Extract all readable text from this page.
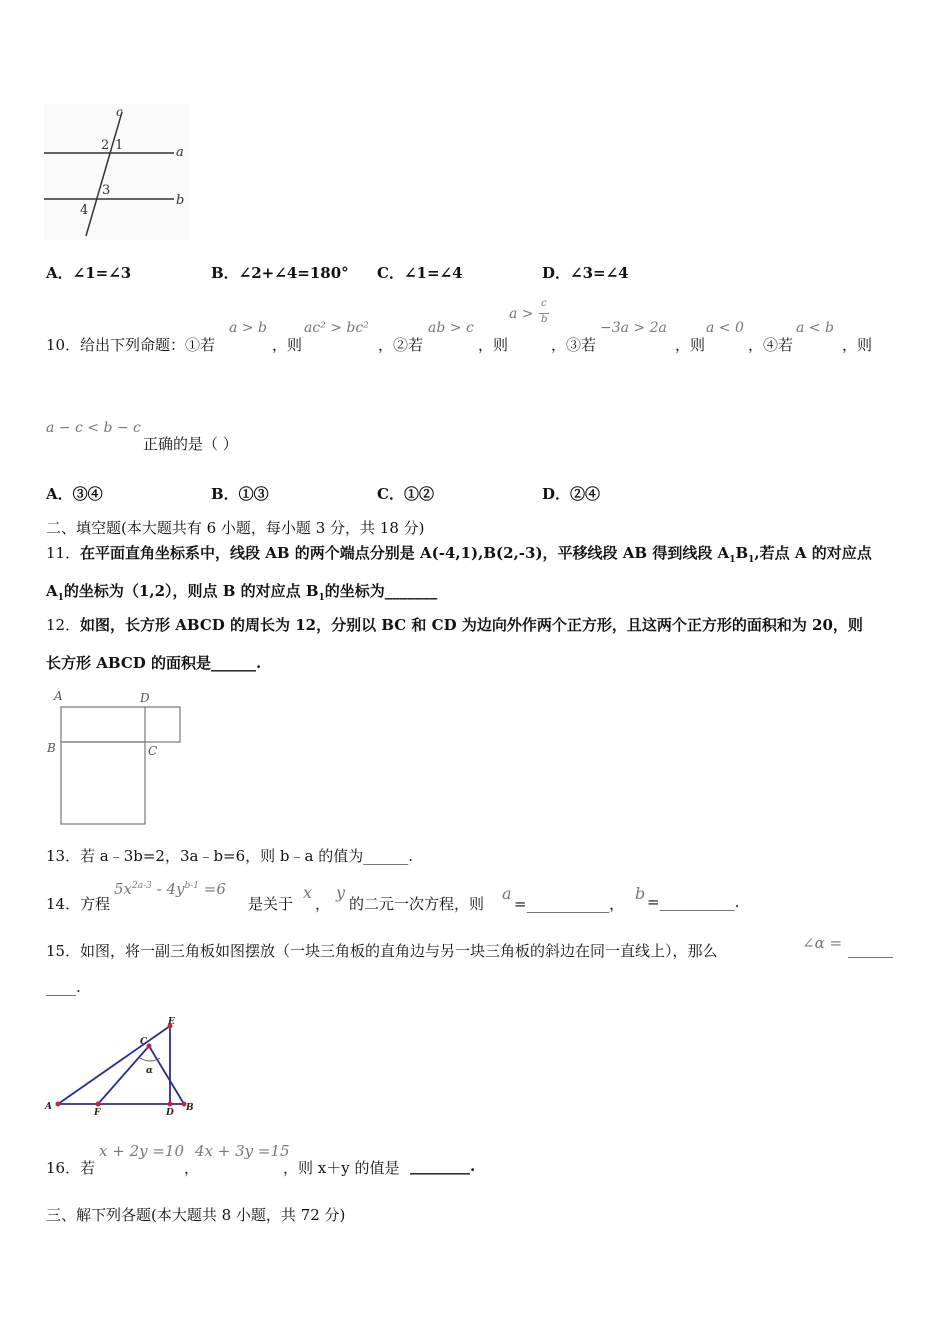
c
a
b
2 1
3
4
A．∠1=∠3	B．∠2+∠4=180° C．∠1=∠4	D．∠3=∠4
10． 给出下列命题：①若
a > b
，则
ac² > bc²
，②若
ab > c
，则
a >
c
b
，③若
−3a > 2a
，则
a < 0
，④若
a < b
，则
a − c < b − c
正确的是（ ）
A．③④	B．①③	C．①②	D．②④
二、填空题(本大题共有 6 小题，每小题 3 分，共 18 分)
11． 在平面直角坐标系中，线段 AB 的两个端点分别是 A(-4,1),B(2,-3)，平移线段 AB 得到线段 $A_1B_1$,若点 A 的对应点
$A_1$的坐标为（1,2），则点 B 的对应点 $B_1$的坐标为_______
12． 如图，长方形 ABCD 的周长为 12，分别以 BC 和 CD 为边向外作两个正方形，且这两个正方形的面积和为 20，则
长方形 ABCD 的面积是______.
A	D
B	C
13． 若 a﹣3b=2，3a﹣b=6，则 b﹣a 的值为______.
14． 方程
$5x^{2a-3} - 4y^{b-1} =6$
是关于
x
，
y
的二元一次方程，则
a
=___________，
b =__________.
15． 如图，将一副三角板如图摆放（一块三角板的直角边与另一块三角板的斜边在同一直线上），那么	∠α = ______
____.
A
F	D B
C
E
α
16． 若
x + 2y =10
，
4x + 3y =15
，则 x＋y 的值是 ________.
三、解下列各题(本大题共 8 小题，共 72 分)
